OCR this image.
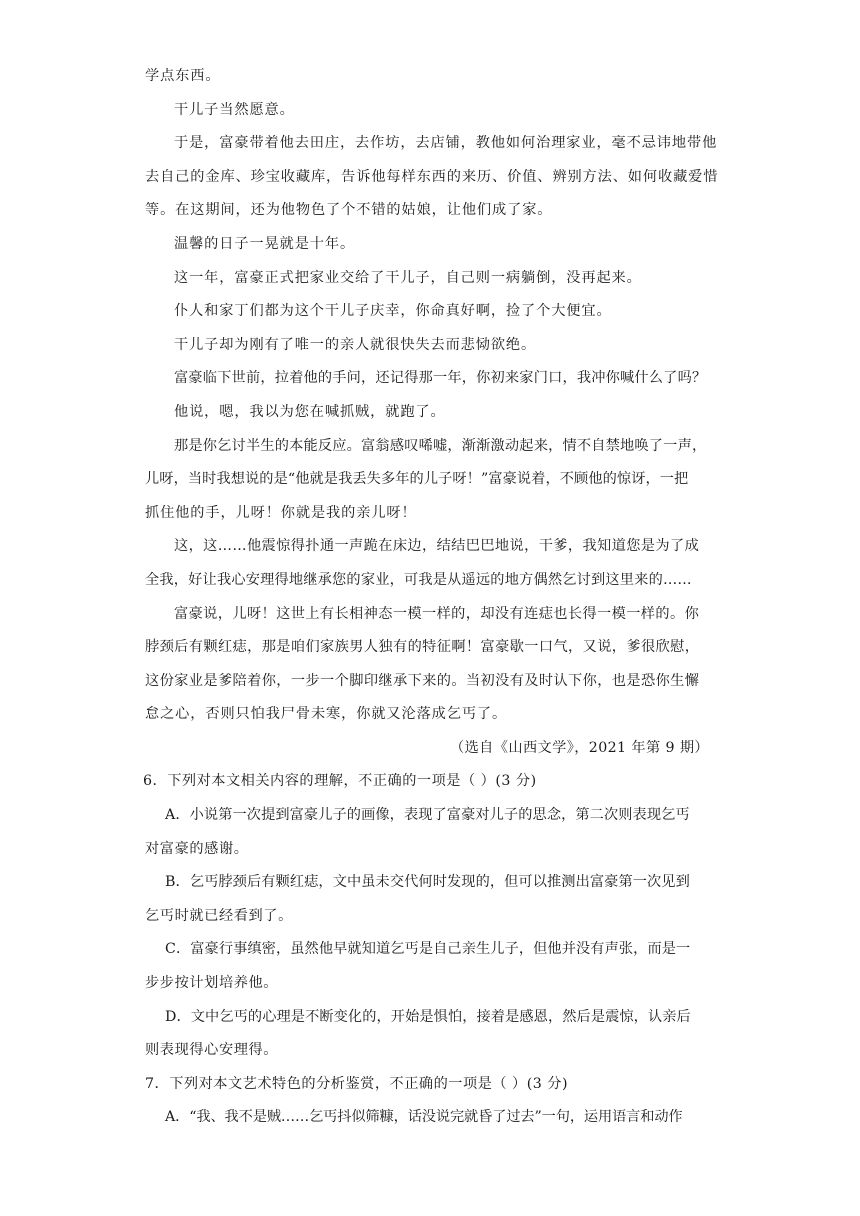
学点东西。
干儿子当然愿意。
于是，富豪带着他去田庄，去作坊，去店铺，教他如何治理家业，毫不忌讳地带他
去自己的金库、珍宝收藏库，告诉他每样东西的来历、价值、辨别方法、如何收藏爱惜
等。在这期间，还为他物色了个不错的姑娘，让他们成了家。
温馨的日子一晃就是十年。
这一年，富豪正式把家业交给了干儿子，自己则一病躺倒，没再起来。
仆人和家丁们都为这个干儿子庆幸，你命真好啊，捡了个大便宜。
干儿子却为刚有了唯一的亲人就很快失去而悲恸欲绝。
富豪临下世前，拉着他的手问，还记得那一年，你初来家门口，我冲你喊什么了吗？
他说，嗯，我以为您在喊抓贼，就跑了。
那是你乞讨半生的本能反应。富翁感叹唏嘘，渐渐激动起来，情不自禁地唤了一声，
儿呀，当时我想说的是“他就是我丢失多年的儿子呀！”富豪说着，不顾他的惊讶，一把
抓住他的手，儿呀！你就是我的亲儿呀！
这，这……他震惊得扑通一声跪在床边，结结巴巴地说，干爹，我知道您是为了成
全我，好让我心安理得地继承您的家业，可我是从遥远的地方偶然乞讨到这里来的……
富豪说，儿呀！这世上有长相神态一模一样的，却没有连痣也长得一模一样的。你
脖颈后有颗红痣，那是咱们家族男人独有的特征啊！富豪歇一口气，又说，爹很欣慰，
这份家业是爹陪着你，一步一个脚印继承下来的。当初没有及时认下你，也是恐你生懈
怠之心，否则只怕我尸骨未寒，你就又沦落成乞丐了。
（选自《山西文学》，2021 年第 9 期）
6．下列对本文相关内容的理解，不正确的一项是（ ）(3 分)
A．小说第一次提到富豪儿子的画像，表现了富豪对儿子的思念，第二次则表现乞丐
对富豪的感谢。
B．乞丐脖颈后有颗红痣，文中虽未交代何时发现的，但可以推测出富豪第一次见到
乞丐时就已经看到了。
C．富豪行事缜密，虽然他早就知道乞丐是自己亲生儿子，但他并没有声张，而是一
步步按计划培养他。
D．文中乞丐的心理是不断变化的，开始是惧怕，接着是感恩，然后是震惊，认亲后
则表现得心安理得。
7．下列对本文艺术特色的分析鉴赏，不正确的一项是（ ）(3 分)
A．“我、我不是贼……乞丐抖似筛糠，话没说完就昏了过去”一句，运用语言和动作
